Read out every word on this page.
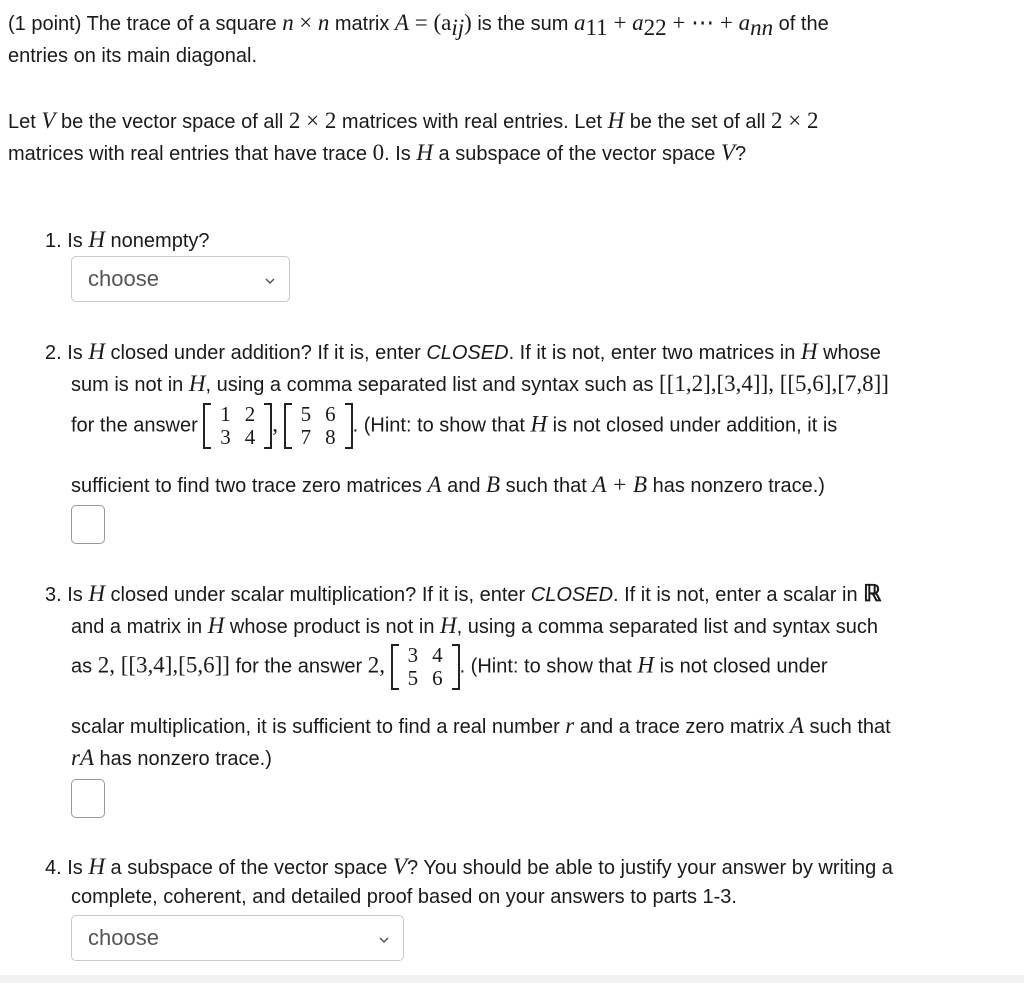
(1 point) The trace of a square n × n matrix $A = (a_{ij})$ is the sum $a_{11} + a_{22}$ + ⋯ + $a_{nn}$ of the
entries on its main diagonal.
Let V be the vector space of all 2 × 2 matrices with real entries. Let H be the set of all 2 × 2
matrices with real entries that have trace 0. Is H a subspace of the vector space V?
1. Is H nonempty?
choose
2. Is H closed under addition? If it is, enter CLOSED. If it is not, enter two matrices in H whose
sum is not in H, using a comma separated list and syntax such as [[1,2],[3,4]], [[5,6],[7,8]]
for the answer 1	2
3	4
, 5	6
7	8 . (Hint: to show that H is not closed under addition, it is
sufficient to find two trace zero matrices A and B such that A + B has nonzero trace.)
3. Is H closed under scalar multiplication? If it is, enter CLOSED. If it is not, enter a scalar in ℝ
and a matrix in H whose product is not in H, using a comma separated list and syntax such
as 2, [[3,4],[5,6]] for the answer 2, 3	4
5	6 . (Hint: to show that H is not closed under
scalar multiplication, it is sufficient to find a real number r and a trace zero matrix A such that
rA has nonzero trace.)
4. Is H a subspace of the vector space V? You should be able to justify your answer by writing a
complete, coherent, and detailed proof based on your answers to parts 1-3.
choose
